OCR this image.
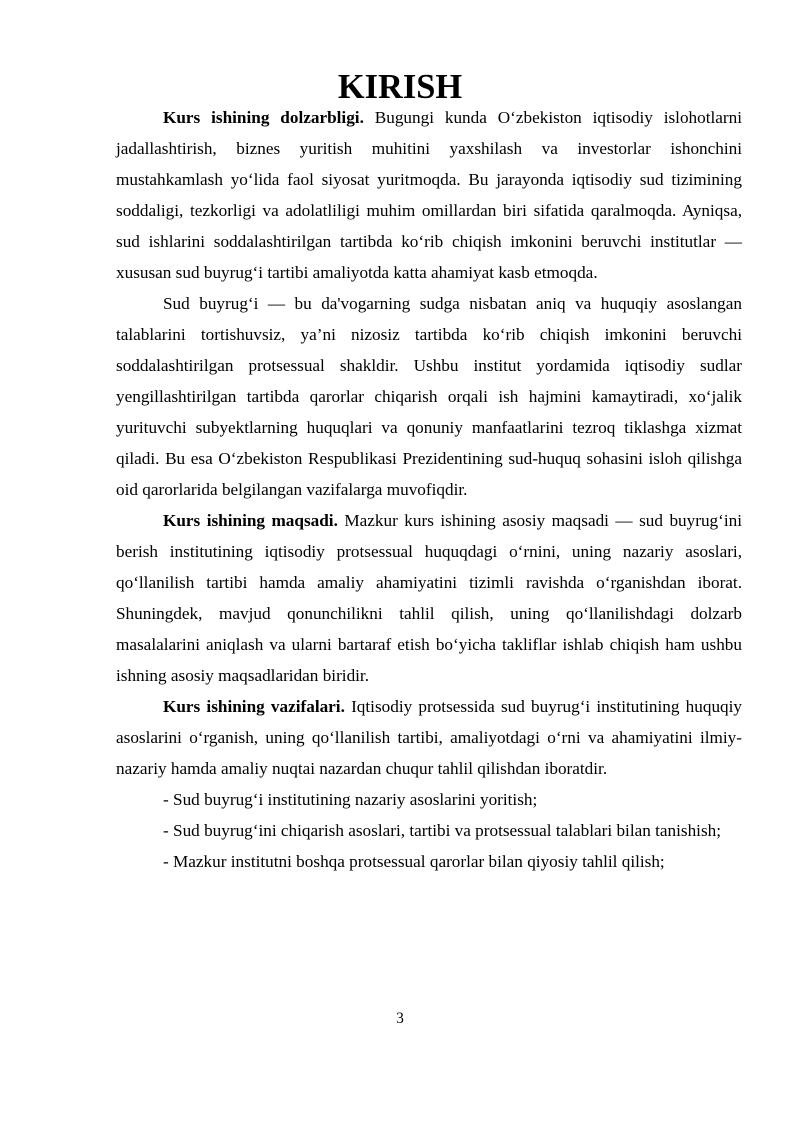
KIRISH

Kurs ishining dolzarbligi. Bugungi kunda O‘zbekiston iqtisodiy islohotlarni jadallashtirish, biznes yuritish muhitini yaxshilash va investorlar ishonchini mustahkamlash yo‘lida faol siyosat yuritmoqda. Bu jarayonda iqtisodiy sud tizimining soddaligi, tezkorligi va adolatliligi muhim omillardan biri sifatida qaralmoqda. Ayniqsa, sud ishlarini soddalashtirilgan tartibda ko‘rib chiqish imkonini beruvchi institutlar — xususan sud buyrug‘i tartibi amaliyotda katta ahamiyat kasb etmoqda.

Sud buyrug‘i — bu da'vogarning sudga nisbatan aniq va huquqiy asoslangan talablarini tortishuvsiz, ya’ni nizosiz tartibda ko‘rib chiqish imkonini beruvchi soddalashtirilgan protsessual shakldir. Ushbu institut yordamida iqtisodiy sudlar yengillashtirilgan tartibda qarorlar chiqarish orqali ish hajmini kamaytiradi, xo‘jalik yurituvchi subyektlarning huquqlari va qonuniy manfaatlarini tezroq tiklashga xizmat qiladi. Bu esa O‘zbekiston Respublikasi Prezidentining sud-huquq sohasini isloh qilishga oid qarorlarida belgilangan vazifalarga muvofiqdir.

Kurs ishining maqsadi. Mazkur kurs ishining asosiy maqsadi — sud buyrug‘ini berish institutining iqtisodiy protsessual huquqdagi o‘rnini, uning nazariy asoslari, qo‘llanilish tartibi hamda amaliy ahamiyatini tizimli ravishda o‘rganishdan iborat. Shuningdek, mavjud qonunchilikni tahlil qilish, uning qo‘llanilishdagi dolzarb masalalarini aniqlash va ularni bartaraf etish bo‘yicha takliflar ishlab chiqish ham ushbu ishning asosiy maqsadlaridan biridir.

Kurs ishining vazifalari. Iqtisodiy protsessida sud buyrug‘i institutining huquqiy asoslarini o‘rganish, uning qo‘llanilish tartibi, amaliyotdagi o‘rni va ahamiyatini ilmiy-nazariy hamda amaliy nuqtai nazardan chuqur tahlil qilishdan iboratdir.

- Sud buyrug‘i institutining nazariy asoslarini yoritish;

- Sud buyrug‘ini chiqarish asoslari, tartibi va protsessual talablari bilan tanishish;

- Mazkur institutni boshqa protsessual qarorlar bilan qiyosiy tahlil qilish;

3
